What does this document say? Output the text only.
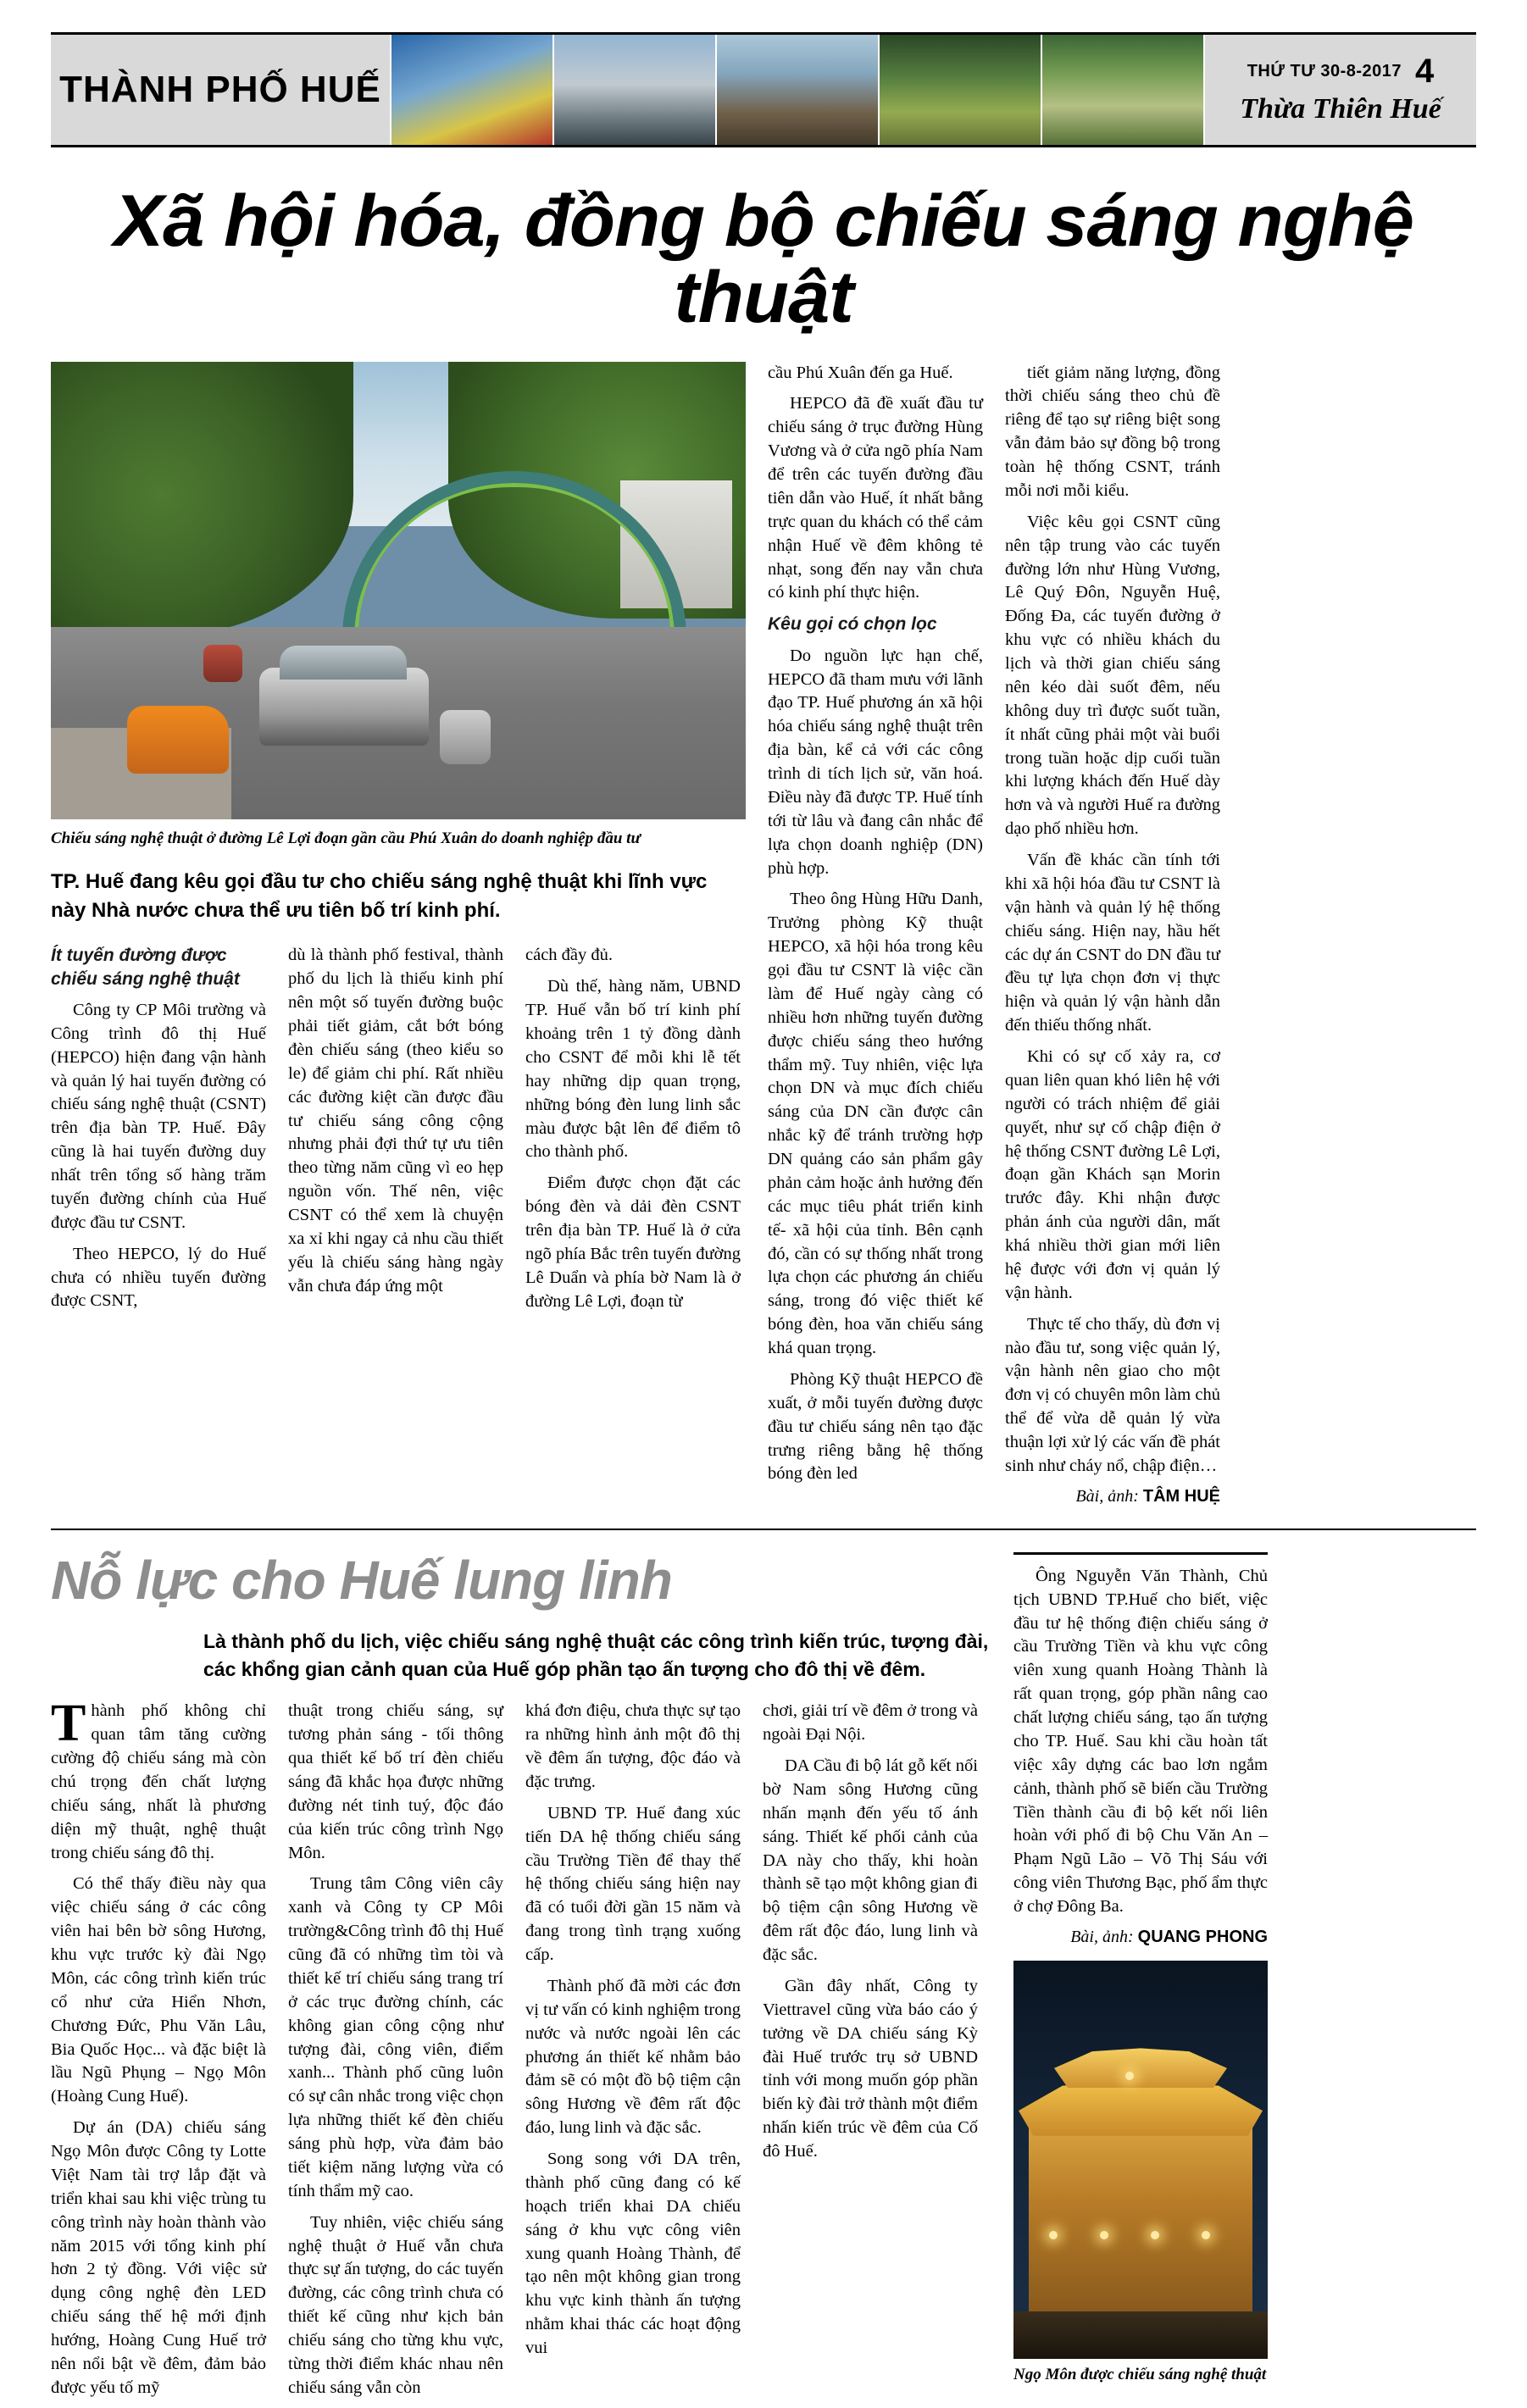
THÀNH PHỐ HUẾ	THỨ TƯ 30-8-2017 4
Thừa Thiên Huế
Xã hội hóa, đồng bộ chiếu sáng nghệ thuật
Chiếu sáng nghệ thuật ở đường Lê Lợi đoạn gần cầu Phú Xuân do doanh nghiệp đầu tư
TP. Huế đang kêu gọi đầu tư cho chiếu sáng nghệ thuật khi lĩnh vực này Nhà nước chưa thể ưu tiên bố trí kinh phí.
Ít tuyến đường được chiếu sáng nghệ thuật

Công ty CP Môi trường và Công trình đô thị Huế (HEPCO) hiện đang vận hành và quản lý hai tuyến đường có chiếu sáng nghệ thuật (CSNT) trên địa bàn TP. Huế. Đây cũng là hai tuyến đường duy nhất trên tổng số hàng trăm tuyến đường chính của Huế được đầu tư CSNT.

Theo HEPCO, lý do Huế chưa có nhiều tuyến đường được CSNT,

dù là thành phố festival, thành phố du lịch là thiếu kinh phí nên một số tuyến đường buộc phải tiết giảm, cắt bớt bóng đèn chiếu sáng (theo kiểu so le) để giảm chi phí. Rất nhiều các đường kiệt cần được đầu tư chiếu sáng công cộng nhưng phải đợi thứ tự ưu tiên theo từng năm cũng vì eo hẹp nguồn vốn. Thế nên, việc CSNT có thể xem là chuyện xa xỉ khi ngay cả nhu cầu thiết yếu là chiếu sáng hàng ngày vẫn chưa đáp ứng một

cách đầy đủ.

Dù thế, hàng năm, UBND TP. Huế vẫn bố trí kinh phí khoảng trên 1 tỷ đồng dành cho CSNT để mỗi khi lễ tết hay những dịp quan trọng, những bóng đèn lung linh sắc màu được bật lên để điểm tô cho thành phố.

Điểm được chọn đặt các bóng đèn và dải đèn CSNT trên địa bàn TP. Huế là ở cửa ngõ phía Bắc trên tuyến đường Lê Duẩn và phía bờ Nam là ở đường Lê Lợi, đoạn từ

cầu Phú Xuân đến ga Huế.

HEPCO đã đề xuất đầu tư chiếu sáng ở trục đường Hùng Vương và ở cửa ngõ phía Nam để trên các tuyến đường đầu tiên dẫn vào Huế, ít nhất bằng trực quan du khách có thể cảm nhận Huế về đêm không tẻ nhạt, song đến nay vẫn chưa có kinh phí thực hiện.

Kêu gọi có chọn lọc

Do nguồn lực hạn chế, HEPCO đã tham mưu với lãnh đạo TP. Huế phương án xã hội hóa chiếu sáng nghệ thuật trên địa bàn, kể cả với các công trình di tích lịch sử, văn hoá. Điều này đã được TP. Huế tính tới từ lâu và đang cân nhắc để lựa chọn doanh nghiệp (DN) phù hợp.

Theo ông Hùng Hữu Danh, Trưởng phòng Kỹ thuật HEPCO, xã hội hóa trong kêu gọi đầu tư CSNT là việc cần làm để Huế ngày càng có nhiều hơn những tuyến đường được chiếu sáng theo hướng thẩm mỹ. Tuy nhiên, việc lựa chọn DN và mục đích chiếu sáng của DN cần được cân nhắc kỹ để tránh trường hợp DN quảng cáo sản phẩm gây phản cảm hoặc ảnh hưởng đến các mục tiêu phát triển kinh tế- xã hội của tỉnh. Bên cạnh đó, cần có sự thống nhất trong lựa chọn các phương án chiếu sáng, trong đó việc thiết kế bóng đèn, hoa văn chiếu sáng khá quan trọng.

Phòng Kỹ thuật HEPCO đề xuất, ở mỗi tuyến đường được đầu tư chiếu sáng nên tạo đặc trưng riêng bằng hệ thống bóng đèn led

tiết giảm năng lượng, đồng thời chiếu sáng theo chủ đề riêng để tạo sự riêng biệt song vẫn đảm bảo sự đồng bộ trong toàn hệ thống CSNT, tránh mỗi nơi mỗi kiểu.

Việc kêu gọi CSNT cũng nên tập trung vào các tuyến đường lớn như Hùng Vương, Lê Quý Đôn, Nguyễn Huệ, Đống Đa, các tuyến đường ở khu vực có nhiều khách du lịch và thời gian chiếu sáng nên kéo dài suốt đêm, nếu không duy trì được suốt tuần, ít nhất cũng phải một vài buổi trong tuần hoặc dịp cuối tuần khi lượng khách đến Huế dày hơn và và người Huế ra đường dạo phố nhiều hơn.

Vấn đề khác cần tính tới khi xã hội hóa đầu tư CSNT là vận hành và quản lý hệ thống chiếu sáng. Hiện nay, hầu hết các dự án CSNT do DN đầu tư đều tự lựa chọn đơn vị thực hiện và quản lý vận hành dẫn đến thiếu thống nhất.

Khi có sự cố xảy ra, cơ quan liên quan khó liên hệ với người có trách nhiệm để giải quyết, như sự cố chập điện ở hệ thống CSNT đường Lê Lợi, đoạn gần Khách sạn Morin trước đây. Khi nhận được phản ánh của người dân, mất khá nhiều thời gian mới liên hệ được với đơn vị quản lý vận hành.

Thực tế cho thấy, dù đơn vị nào đầu tư, song việc quản lý, vận hành nên giao cho một đơn vị có chuyên môn làm chủ thể để vừa dễ quản lý vừa thuận lợi xử lý các vấn đề phát sinh như cháy nổ, chập điện…

Bài, ảnh: TÂM HUỆ
Nỗ lực cho Huế lung linh
Là thành phố du lịch, việc chiếu sáng nghệ thuật các công trình kiến trúc, tượng đài, các khổng gian cảnh quan của Huế góp phần tạo ấn tượng cho đô thị về đêm.

Thành phố không chỉ quan tâm tăng cường cường độ chiếu sáng mà còn chú trọng đến chất lượng chiếu sáng, nhất là phương diện mỹ thuật, nghệ thuật trong chiếu sáng đô thị.

Có thể thấy điều này qua việc chiếu sáng ở các công viên hai bên bờ sông Hương, khu vực trước kỳ đài Ngọ Môn, các công trình kiến trúc cổ như cửa Hiển Nhơn, Chương Đức, Phu Văn Lâu, Bia Quốc Học... và đặc biệt là lầu Ngũ Phụng – Ngọ Môn (Hoàng Cung Huế).

Dự án (DA) chiếu sáng Ngọ Môn được Công ty Lotte Việt Nam tài trợ lắp đặt và triển khai sau khi việc trùng tu công trình này hoàn thành vào năm 2015 với tổng kinh phí hơn 2 tỷ đồng. Với việc sử dụng công nghệ đèn LED chiếu sáng thế hệ mới định hướng, Hoàng Cung Huế trở nên nổi bật về đêm, đảm bảo được yếu tố mỹ

thuật trong chiếu sáng, sự tương phản sáng - tối thông qua thiết kế bố trí đèn chiếu sáng đã khắc họa được những đường nét tinh tuý, độc đáo của kiến trúc công trình Ngọ Môn.

Trung tâm Công viên cây xanh và Công ty CP Môi trường&Công trình đô thị Huế cũng đã có những tìm tòi và thiết kế trí chiếu sáng trang trí ở các trục đường chính, các không gian công cộng như tượng đài, công viên, điểm xanh... Thành phố cũng luôn có sự cân nhắc trong việc chọn lựa những thiết kế đèn chiếu sáng phù hợp, vừa đảm bảo tiết kiệm năng lượng vừa có tính thẩm mỹ cao.

Tuy nhiên, việc chiếu sáng nghệ thuật ở Huế vẫn chưa thực sự ấn tượng, do các tuyến đường, các công trình chưa có thiết kế cũng như kịch bản chiếu sáng cho từng khu vực, từng thời điểm khác nhau nên chiếu sáng vẫn còn

khá đơn điệu, chưa thực sự tạo ra những hình ảnh một đô thị về đêm ấn tượng, độc đáo và đặc trưng.

UBND TP. Huế đang xúc tiến DA hệ thống chiếu sáng cầu Trường Tiền để thay thế hệ thống chiếu sáng hiện nay đã có tuổi đời gần 15 năm và đang trong tình trạng xuống cấp.

Thành phố đã mời các đơn vị tư vấn có kinh nghiệm trong nước và nước ngoài lên các phương án thiết kế nhằm bảo đảm sẽ có một đồ bộ tiệm cận sông Hương về đêm rất độc đáo, lung linh và đặc sắc.

Song song với DA trên, thành phố cũng đang có kế hoạch triển khai DA chiếu sáng ở khu vực công viên xung quanh Hoàng Thành, để tạo nên một không gian trong khu vực kinh thành ấn tượng nhằm khai thác các hoạt động vui

chơi, giải trí về đêm ở trong và ngoài Đại Nội.

DA Cầu đi bộ lát gỗ kết nối bờ Nam sông Hương cũng nhấn mạnh đến yếu tố ánh sáng. Thiết kế phối cảnh của DA này cho thấy, khi hoàn thành sẽ tạo một không gian đi bộ tiệm cận sông Hương về đêm rất độc đáo, lung linh và đặc sắc.

Gần đây nhất, Công ty Viettravel cũng vừa báo cáo ý tưởng về DA chiếu sáng Kỳ đài Huế trước trụ sở UBND tỉnh với mong muốn góp phần biến kỳ đài trở thành một điểm nhấn kiến trúc về đêm của Cố đô Huế.

Ông Nguyễn Văn Thành, Chủ tịch UBND TP.Huế cho biết, việc đầu tư hệ thống điện chiếu sáng ở cầu Trường Tiền và khu vực công viên xung quanh Hoàng Thành là rất quan trọng, góp phần nâng cao chất lượng chiếu sáng, tạo ấn tượng cho TP. Huế. Sau khi cầu hoàn tất việc xây dựng các bao lơn ngắm cảnh, thành phố sẽ biến cầu Trường Tiền thành cầu đi bộ kết nối liên hoàn với phố đi bộ Chu Văn An – Phạm Ngũ Lão – Võ Thị Sáu với công viên Thương Bạc, phố ẩm thực ở chợ Đông Ba.

Bài, ảnh: QUANG PHONG
Ngọ Môn được chiếu sáng nghệ thuật
